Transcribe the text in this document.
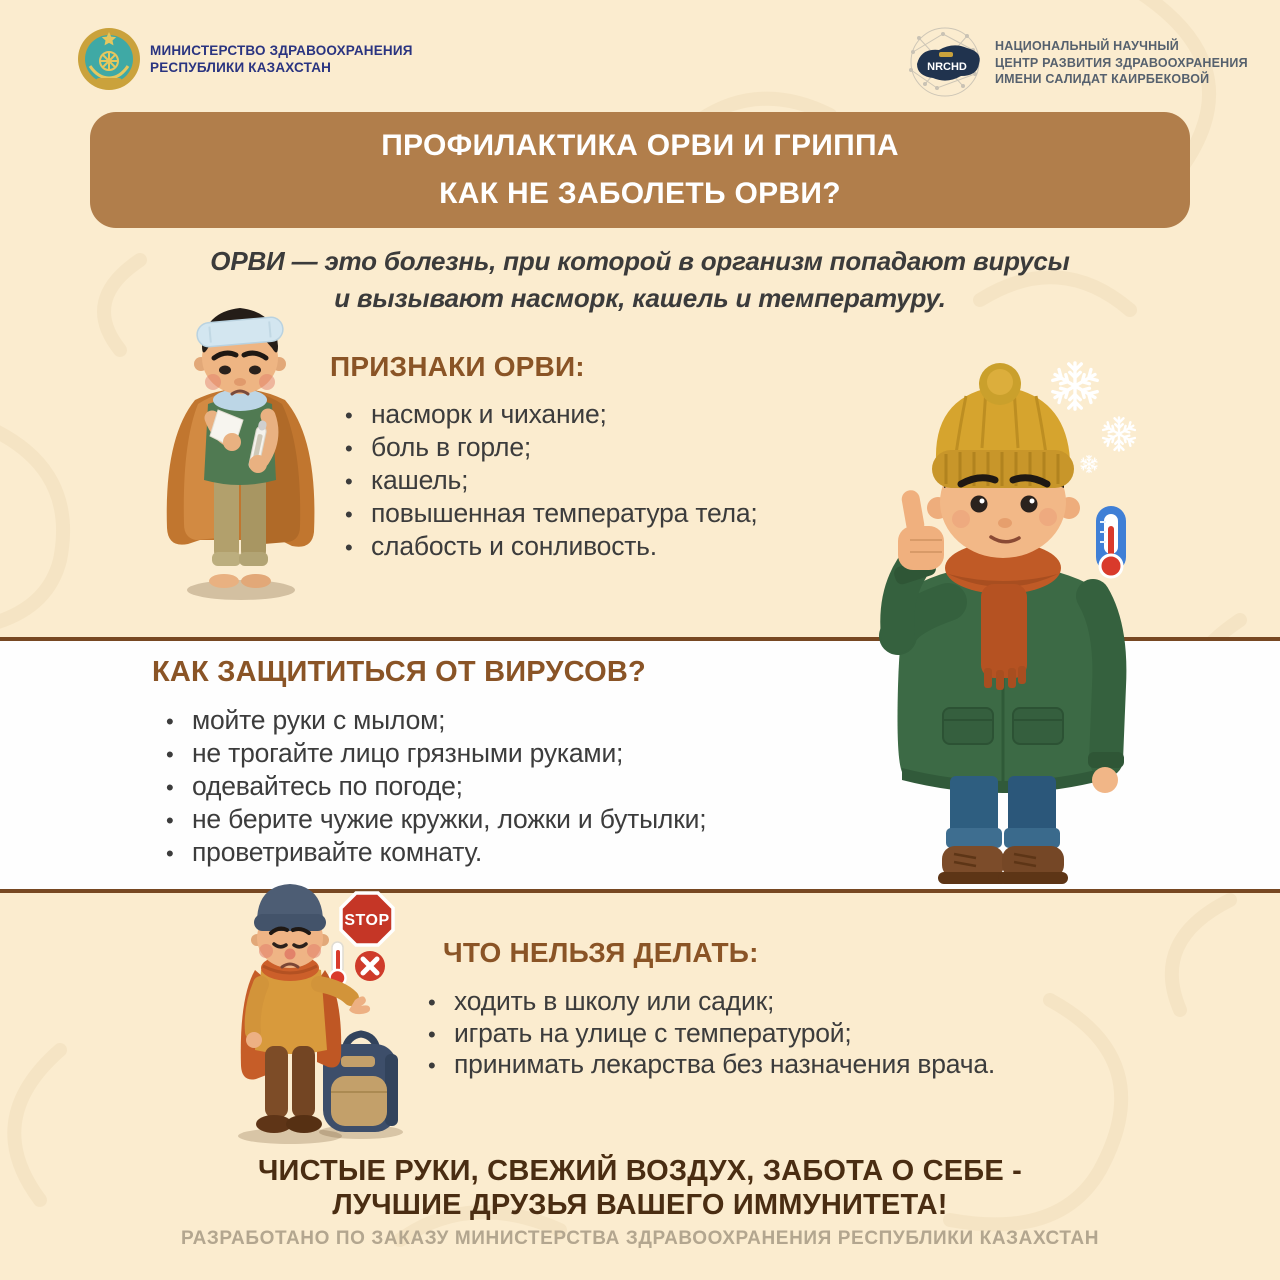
МИНИСТЕРСТВО ЗДРАВООХРАНЕНИЯ
РЕСПУБЛИКИ КАЗАХСТАН	NRCHD
НАЦИОНАЛЬНЫЙ НАУЧНЫЙ
ЦЕНТР РАЗВИТИЯ ЗДРАВООХРАНЕНИЯ
ИМЕНИ САЛИДАТ КАИРБЕКОВОЙ
ПРОФИЛАКТИКА ОРВИ И ГРИППА
КАК НЕ ЗАБОЛЕТЬ ОРВИ?
ОРВИ — это болезнь, при которой в организм попадают вирусы
и вызывают насморк, кашель и температуру.
ПРИЗНАКИ ОРВИ:
•
насморк и чихание;
•
боль в горле;
•
кашель;
•
повышенная температура тела;
•
слабость и сонливость.
КАК ЗАЩИТИТЬСЯ ОТ ВИРУСОВ?
•
мойте руки с мылом;
•
не трогайте лицо грязными руками;
•
одевайтесь по погоде;
•
не берите чужие кружки, ложки и бутылки;
•
проветривайте комнату.
ЧТО НЕЛЬЗЯ ДЕЛАТЬ:
•
ходить в школу или садик;
•
играть на улице с температурой;
•
принимать лекарства без назначения врача.
STOP
ЧИСТЫЕ РУКИ, СВЕЖИЙ ВОЗДУХ, ЗАБОТА О СЕБЕ -
ЛУЧШИЕ ДРУЗЬЯ ВАШЕГО ИММУНИТЕТА!
РАЗРАБОТАНО ПО ЗАКАЗУ МИНИСТЕРСТВА ЗДРАВООХРАНЕНИЯ РЕСПУБЛИКИ КАЗАХСТАН
